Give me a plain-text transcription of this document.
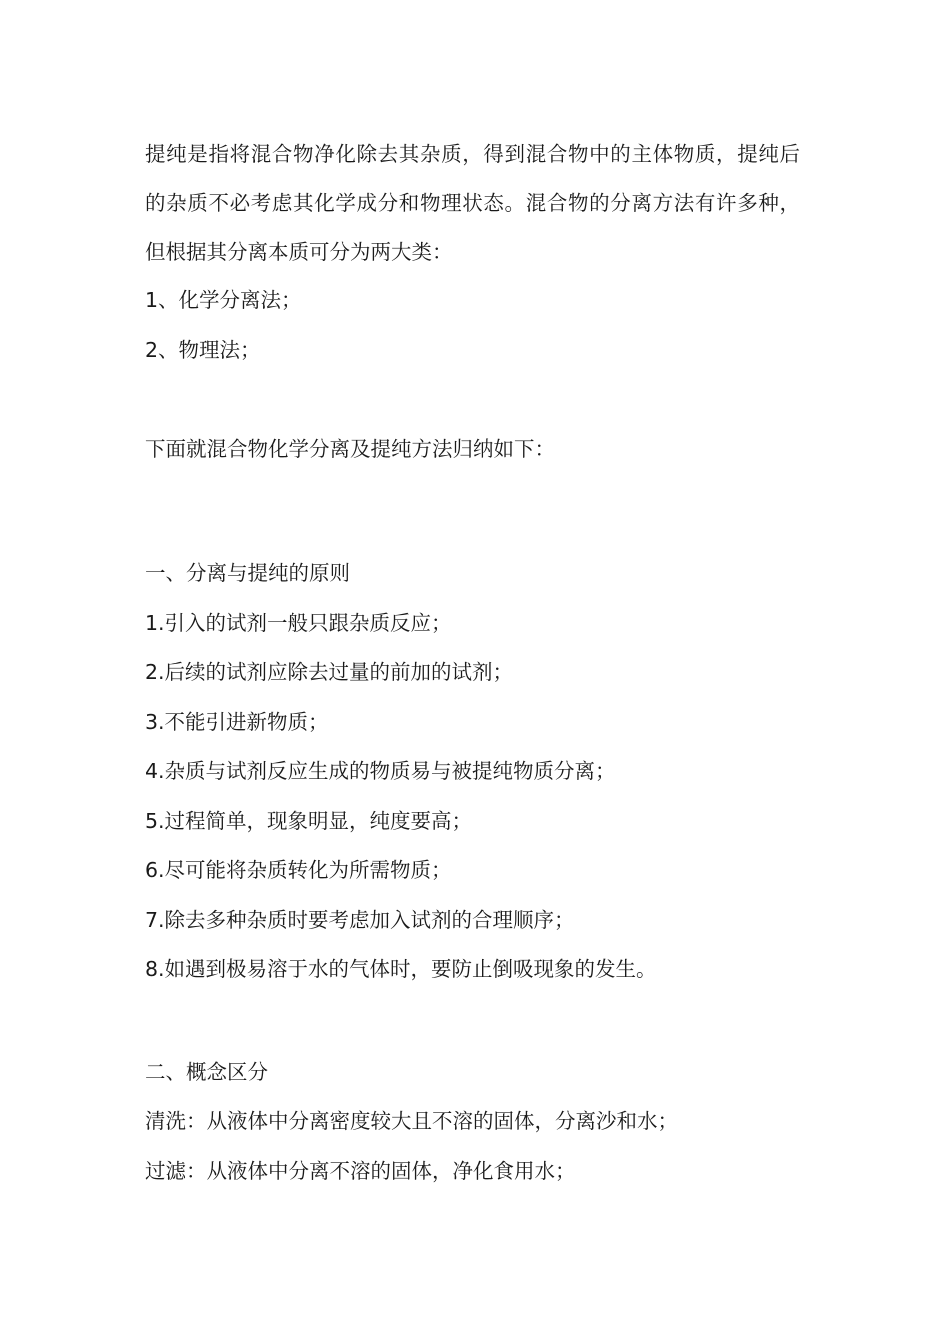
提纯是指将混合物净化除去其杂质，得到混合物中的主体物质，提纯后的杂质不必考虑其化学成分和物理状态。混合物的分离方法有许多种，但根据其分离本质可分为两大类：

1、化学分离法；

2、物理法；

下面就混合物化学分离及提纯方法归纳如下：

一、分离与提纯的原则

1.引入的试剂一般只跟杂质反应；

2.后续的试剂应除去过量的前加的试剂；

3.不能引进新物质；

4.杂质与试剂反应生成的物质易与被提纯物质分离；

5.过程简单，现象明显，纯度要高；

6.尽可能将杂质转化为所需物质；

7.除去多种杂质时要考虑加入试剂的合理顺序；

8.如遇到极易溶于水的气体时，要防止倒吸现象的发生。

二、概念区分

清洗：从液体中分离密度较大且不溶的固体，分离沙和水；

过滤：从液体中分离不溶的固体，净化食用水；
